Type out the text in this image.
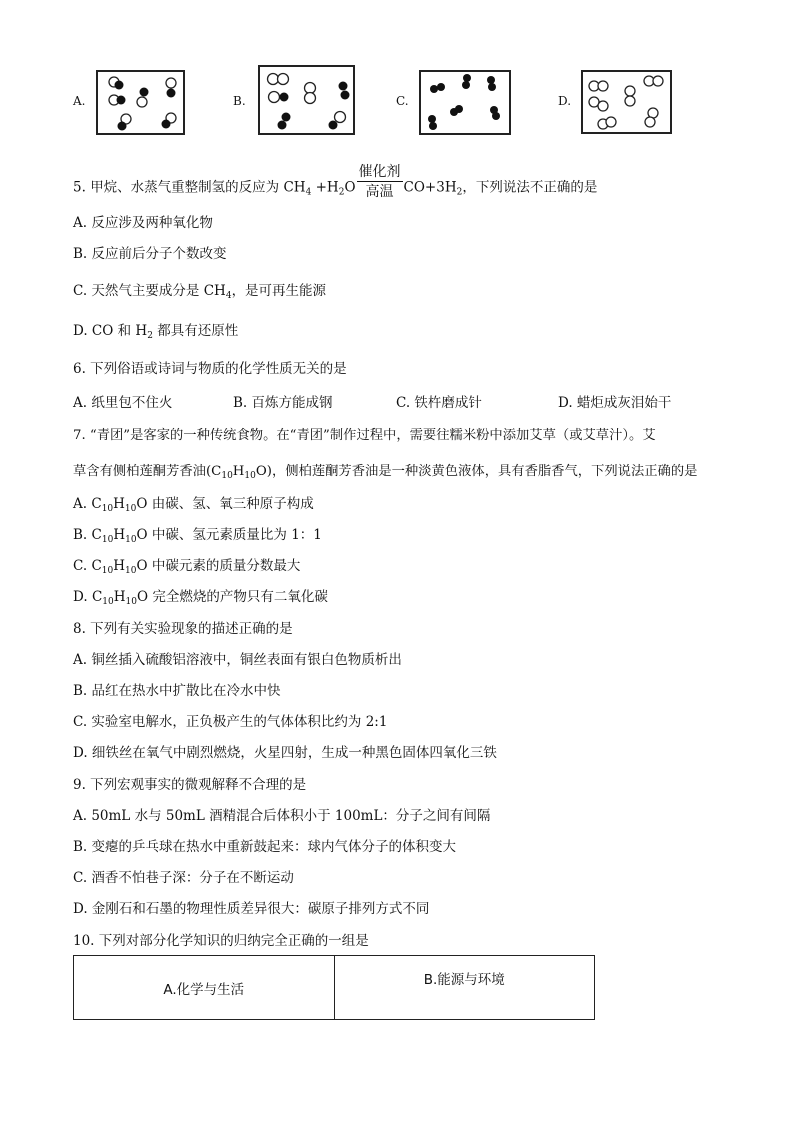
A.	B.	C.	D.
5. 甲烷、水蒸气重整制氢的反应为 $CH_4 +H_2O$
催化剂
高温 $CO+3H_2$，下列说法不正确的是
A. 反应涉及两种氧化物
B. 反应前后分子个数改变
C. 天然气主要成分是 $CH_4$，是可再生能源
D. CO 和 $H_2$ 都具有还原性
6. 下列俗语或诗词与物质的化学性质无关的是
A. 纸里包不住火	B. 百炼方能成钢	C. 铁杵磨成针	D. 蜡炬成灰泪始干
7. “青团”是客家的一种传统食物。在“青团”制作过程中，需要往糯米粉中添加艾草（或艾草汁）。艾
草含有侧柏莲酮芳香油$(C_{10}H_{10}O)$，侧柏莲酮芳香油是一种淡黄色液体，具有香脂香气，下列说法正确的是
A. $C_{10}H_{10}O$ 由碳、氢、氧三种原子构成
B. $C_{10}H_{10}O$ 中碳、氢元素质量比为 1：1
C. $C_{10}H_{10}O$ 中碳元素的质量分数最大
D. $C_{10}H_{10}O$ 完全燃烧的产物只有二氧化碳
8. 下列有关实验现象的描述正确的是
A. 铜丝插入硫酸铝溶液中，铜丝表面有银白色物质析出
B. 品红在热水中扩散比在冷水中快
C. 实验室电解水，正负极产生的气体体积比约为 2:1
D. 细铁丝在氧气中剧烈燃烧，火星四射，生成一种黑色固体四氧化三铁
9. 下列宏观事实的微观解释不合理的是
A. 50mL 水与 50mL 酒精混合后体积小于 100mL：分子之间有间隔
B. 变瘪的乒乓球在热水中重新鼓起来：球内气体分子的体积变大
C. 酒香不怕巷子深：分子在不断运动
D. 金刚石和石墨的物理性质差异很大：碳原子排列方式不同
10. 下列对部分化学知识的归纳完全正确的一组是
A.化学与生活	B.能源与环境
